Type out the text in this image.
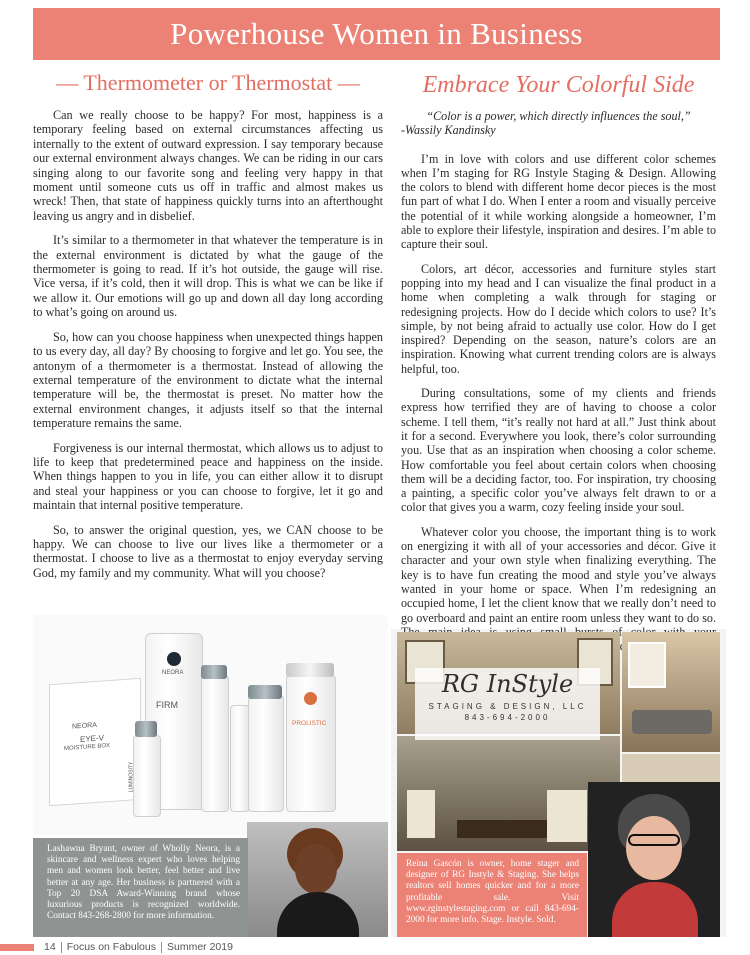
Powerhouse Women in Business
— Thermometer or Thermostat —

Can we really choose to be happy? For most, happiness is a temporary feeling based on external circumstances affecting us internally to the extent of outward expression. I say temporary because our external environment always changes. We can be riding in our cars singing along to our favorite song and feeling very happy in that moment until someone cuts us off in traffic and almost makes us wreck! Then, that state of happiness quickly turns into an afterthought leaving us angry and in disbelief.

It’s similar to a thermometer in that whatever the temperature is in the external environment is dictated by what the gauge of the thermometer is going to read. If it’s hot outside, the gauge will rise. Vice versa, if it’s cold, then it will drop. This is what we can be like if we allow it. Our emotions will go up and down all day long according to what’s going on around us.

So, how can you choose happiness when unexpected things happen to us every day, all day? By choosing to forgive and let go. You see, the antonym of a thermometer is a thermostat. Instead of allowing the external temperature of the environment to dictate what the internal temperature will be, the thermostat is preset. No matter how the external environment changes, it adjusts itself so that the internal temperature remains the same.

Forgiveness is our internal thermostat, which allows us to adjust to life to keep that predetermined peace and happiness on the inside. When things happen to you in life, you can either allow it to disrupt and steal your happiness or you can choose to forgive, let it go and maintain that internal positive temperature.

So, to answer the original question, yes, we CAN choose to be happy. We can choose to live our lives like a thermometer or a thermostat. I choose to live as a thermostat to enjoy everyday serving God, my family and my community. What will you choose?

NEORA
EYE-V
MOISTURE BOX
NEORA
FIRM
LUMINOSITY
PROLISTIC
Lashawna Bryant, owner of Wholly Neora, is a skincare and wellness expert who loves helping men and women look better, feel better and live better at any age. Her business is partnered with a Top 20 DSA Award-Winning brand whose luxurious products is recognized worldwide. Contact 843-268-2800 for more information.
Embrace Your Colorful Side

“Color is a power, which directly influences the soul,”
-Wassily Kandinsky

I’m in love with colors and use different color schemes when I’m staging for RG Instyle Staging & Design. Allowing the colors to blend with different home decor pieces is the most fun part of what I do. When I enter a room and visually perceive the potential of it while working alongside a homeowner, I’m able to explore their lifestyle, inspiration and desires. I’m able to capture their soul.

Colors, art décor, accessories and furniture styles start popping into my head and I can visualize the final product in a home when completing a walk through for staging or redesigning projects. How do I decide which colors to use? It’s simple, by not being afraid to actually use color. How do I get inspired? Depending on the season, nature’s colors are an inspiration. Knowing what current trending colors are is always helpful, too.

During consultations, some of my clients and friends express how terrified they are of having to choose a color scheme. I tell them, “it’s really not hard at all.” Just think about it for a second. Everywhere you look, there’s color surrounding you. Use that as an inspiration when choosing a color scheme. How comfortable you feel about certain colors when choosing them will be a deciding factor, too. For inspiration, try choosing a painting, a specific color you’ve always felt drawn to or a color that gives you a warm, cozy feeling inside your soul.

Whatever color you choose, the important thing is to work on energizing it with all of your accessories and décor. Give it character and your own style when finalizing everything. The key is to have fun creating the mood and style you’ve always wanted in your home or space. When I’m redesigning an occupied home, I let the client know that we really don’t need to go overboard and paint an entire room unless they want to do so.

RG InStyle
STAGING & DESIGN, LLC
843-694-2000
Reina Gascón is owner, home stager and designer of RG Instyle & Staging. She helps realtors sell homes quicker and for a more profitable sale. Visit www.rginstylestaging.com or call 843-694-2000 for more info. Stage. Instyle. Sold.
14 Focus on Fabulous Summer 2019
